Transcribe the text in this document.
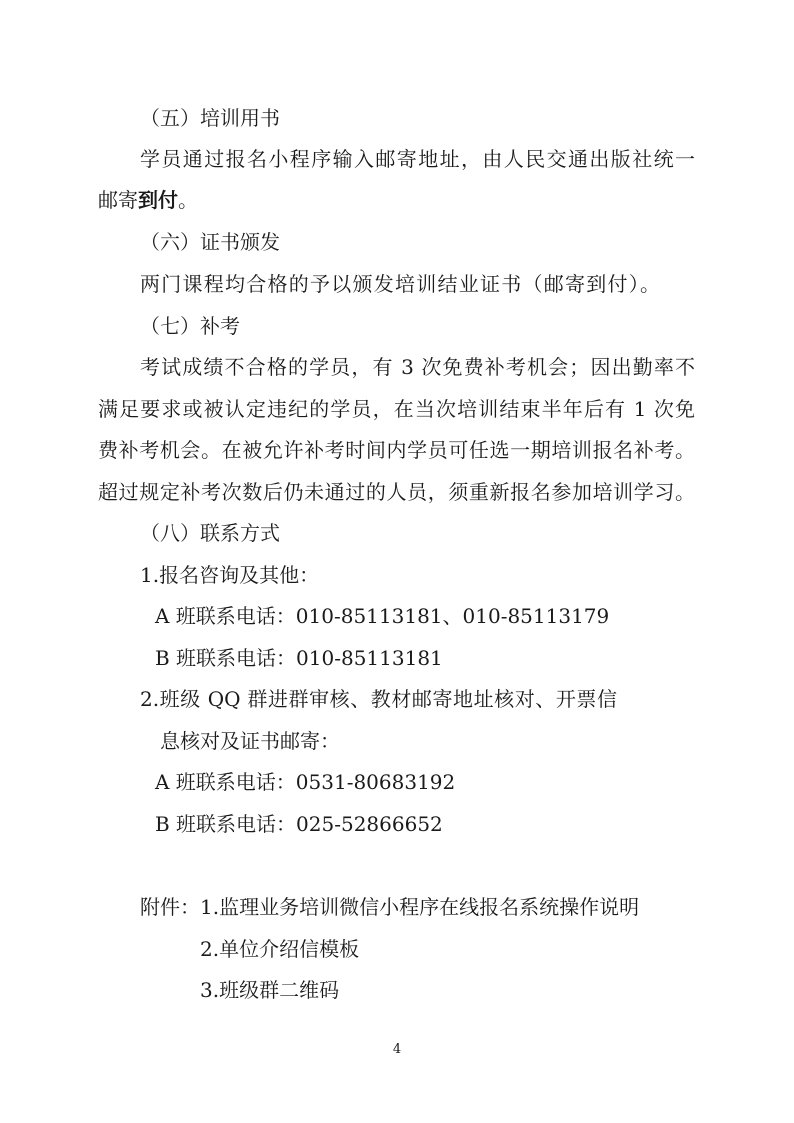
（五）培训用书
学员通过报名小程序输入邮寄地址，由人民交通出版社统一
邮寄到付。
（六）证书颁发
两门课程均合格的予以颁发培训结业证书（邮寄到付）。
（七）补考
考试成绩不合格的学员，有 3 次免费补考机会；因出勤率不
满足要求或被认定违纪的学员，在当次培训结束半年后有 1 次免
费补考机会。在被允许补考时间内学员可任选一期培训报名补考。
超过规定补考次数后仍未通过的人员，须重新报名参加培训学习。
（八）联系方式
1.报名咨询及其他：
A 班联系电话：010-85113181、010-85113179
B 班联系电话：010-85113181
2.班级 QQ 群进群审核、教材邮寄地址核对、开票信
息核对及证书邮寄：
A 班联系电话：0531-80683192
B 班联系电话：025-52866652
附件： 1.监理业务培训微信小程序在线报名系统操作说明
2.单位介绍信模板
3.班级群二维码
4
